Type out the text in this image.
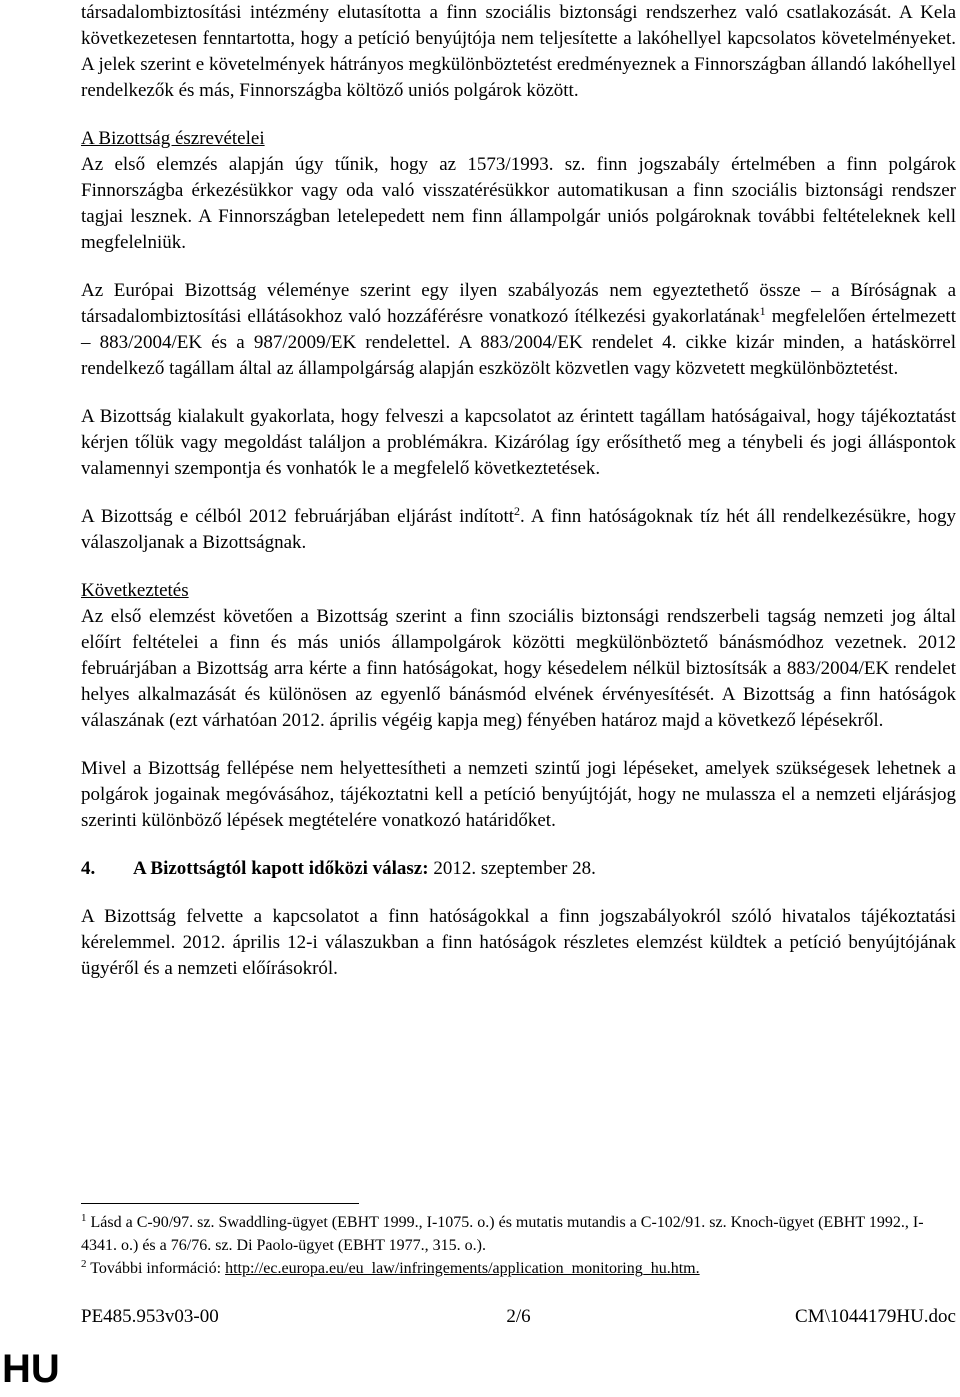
társadalombiztosítási intézmény elutasította a finn szociális biztonsági rendszerhez való csatlakozását. A Kela következetesen fenntartotta, hogy a petíció benyújtója nem teljesítette a lakóhellyel kapcsolatos követelményeket. A jelek szerint e követelmények hátrányos megkülönböztetést eredményeznek a Finnországban állandó lakóhellyel rendelkezők és más, Finnországba költöző uniós polgárok között.

A Bizottság észrevételei

Az első elemzés alapján úgy tűnik, hogy az 1573/1993. sz. finn jogszabály értelmében a finn polgárok Finnországba érkezésükkor vagy oda való visszatérésükkor automatikusan a finn szociális biztonsági rendszer tagjai lesznek. A Finnországban letelepedett nem finn állampolgár uniós polgároknak további feltételeknek kell megfelelniük.

Az Európai Bizottság véleménye szerint egy ilyen szabályozás nem egyeztethető össze – a Bíróságnak a társadalombiztosítási ellátásokhoz való hozzáférésre vonatkozó ítélkezési gyakorlatának$^1$ megfelelően értelmezett – 883/2004/EK és a 987/2009/EK rendelettel. A 883/2004/EK rendelet 4. cikke kizár minden, a hatáskörrel rendelkező tagállam által az állampolgárság alapján eszközölt közvetlen vagy közvetett megkülönböztetést.

A Bizottság kialakult gyakorlata, hogy felveszi a kapcsolatot az érintett tagállam hatóságaival, hogy tájékoztatást kérjen tőlük vagy megoldást találjon a problémákra. Kizárólag így erősíthető meg a ténybeli és jogi álláspontok valamennyi szempontja és vonhatók le a megfelelő következtetések.

A Bizottság e célból 2012 februárjában eljárást indított$^2$. A finn hatóságoknak tíz hét áll rendelkezésükre, hogy válaszoljanak a Bizottságnak.

Következtetés

Az első elemzést követően a Bizottság szerint a finn szociális biztonsági rendszerbeli tagság nemzeti jog által előírt feltételei a finn és más uniós állampolgárok közötti megkülönböztető bánásmódhoz vezetnek. 2012 februárjában a Bizottság arra kérte a finn hatóságokat, hogy késedelem nélkül biztosítsák a 883/2004/EK rendelet helyes alkalmazását és különösen az egyenlő bánásmód elvének érvényesítését. A Bizottság a finn hatóságok válaszának (ezt várhatóan 2012. április végéig kapja meg) fényében határoz majd a következő lépésekről.

Mivel a Bizottság fellépése nem helyettesítheti a nemzeti szintű jogi lépéseket, amelyek szükségesek lehetnek a polgárok jogainak megóvásához, tájékoztatni kell a petíció benyújtóját, hogy ne mulassza el a nemzeti eljárásjog szerinti különböző lépések megtételére vonatkozó határidőket.

4. A Bizottságtól kapott időközi válasz: 2012. szeptember 28.

A Bizottság felvette a kapcsolatot a finn hatóságokkal a finn jogszabályokról szóló hivatalos tájékoztatási kérelemmel. 2012. április 12-i válaszukban a finn hatóságok részletes elemzést küldtek a petíció benyújtójának ügyéről és a nemzeti előírásokról.

$^1$ Lásd a C-90/97. sz. Swaddling-ügyet (EBHT 1999., I-1075. o.) és mutatis mutandis a C-102/91. sz. Knoch-ügyet (EBHT 1992., I-4341. o.) és a 76/76. sz. Di Paolo-ügyet (EBHT 1977., 315. o.).

$^2$ További információ: http://ec.europa.eu/eu_law/infringements/application_monitoring_hu.htm.

PE485.953v03-00	2/6	CM\1044179HU.doc
HU
